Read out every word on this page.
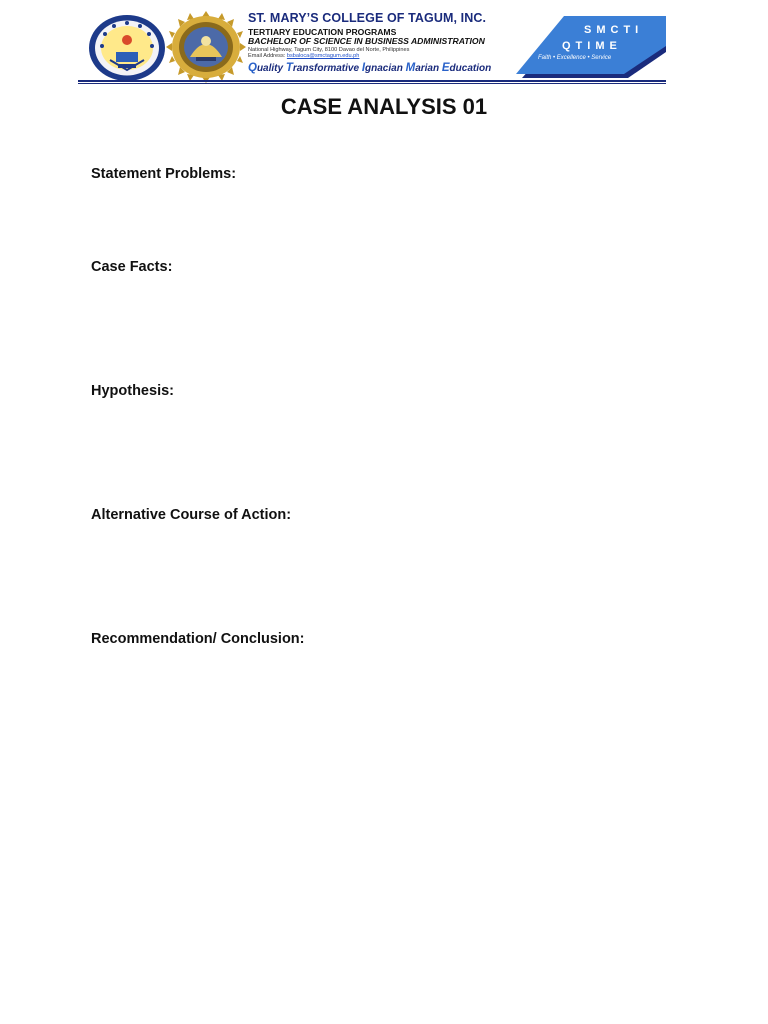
ST. MARY’S COLLEGE OF TAGUM, INC.
TERTIARY EDUCATION PROGRAMS
BACHELOR OF SCIENCE IN BUSINESS ADMINISTRATION
National Highway, Tagum City, 8100 Davao del Norte, Philippines
Email Address: bsbaloca@smctagum.edu.ph
Quality Transformative Ignacian Marian Education
SMCTI
QTIME
Faith • Excellence • Service
CASE ANALYSIS 01
Statement Problems:
Case Facts:
Hypothesis:
Alternative Course of Action:
Recommendation/ Conclusion:
